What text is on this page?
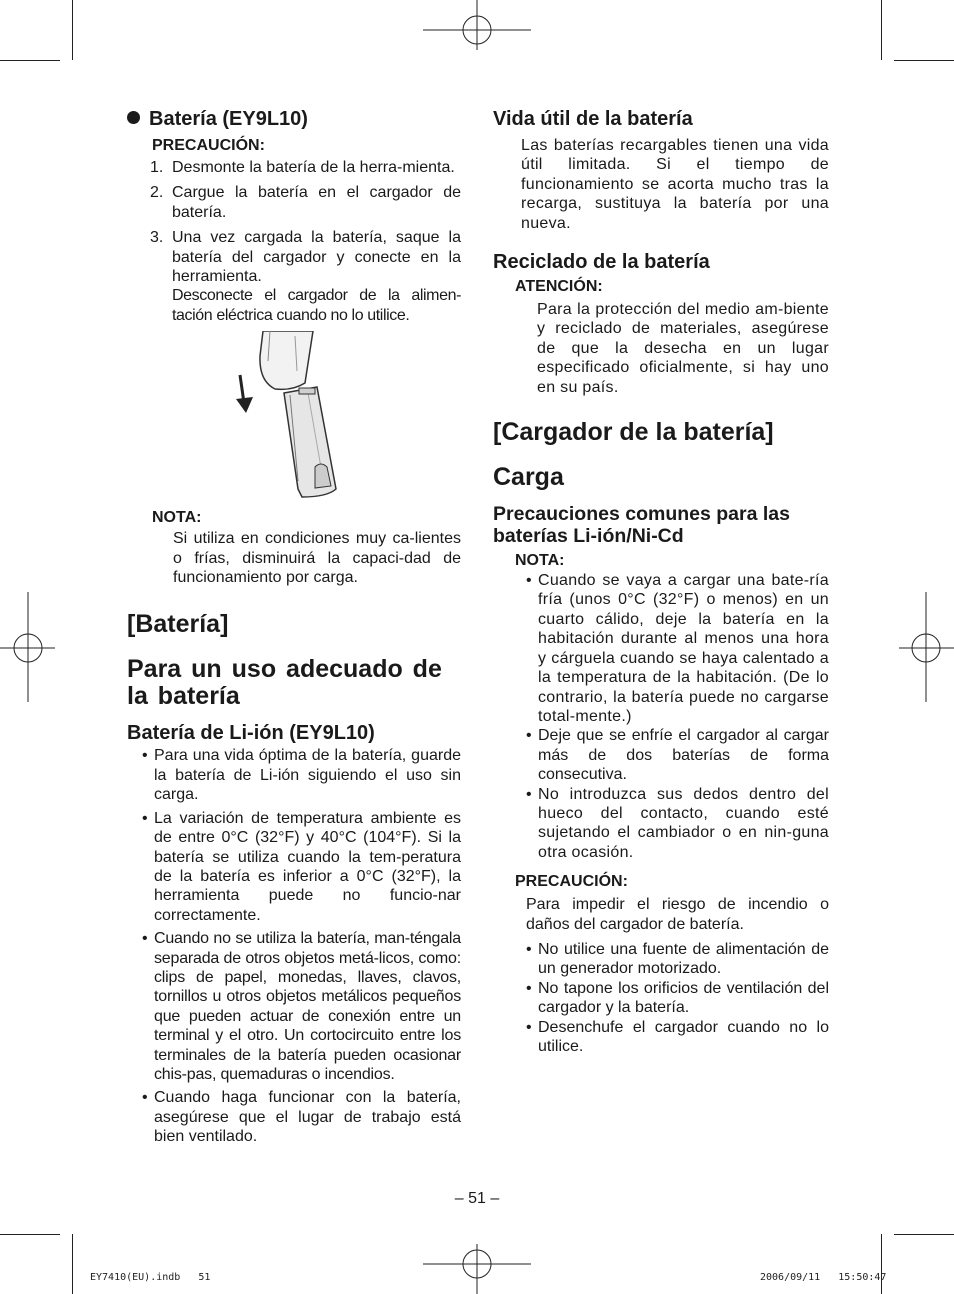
Batería (EY9L10)
PRECAUCIÓN:
1. Desmonte la batería de la herra-mienta.
2. Cargue la batería en el cargador de batería.
3. Una vez cargada la batería, saque la batería del cargador y conecte en la herramienta.
Desconecte el cargador de la alimen-tación eléctrica cuando no lo utilice.
NOTA:

Si utiliza en condiciones muy ca-lientes o frías, disminuirá la capaci-dad de funcionamiento por carga.

[Batería]
Para un uso adecuado de la batería
Batería de Li-ión (EY9L10)
• Para una vida óptima de la batería, guarde la batería de Li-ión siguiendo el uso sin carga.
• La variación de temperatura ambiente es de entre 0°C (32°F) y 40°C (104°F). Si la batería se utiliza cuando la tem-peratura de la batería es inferior a 0°C (32°F), la herramienta puede no funcio-nar correctamente.
• Cuando no se utiliza la batería, man-téngala separada de otros objetos metá-licos, como: clips de papel, monedas, llaves, clavos, tornillos u otros objetos metálicos pequeños que pueden actuar de conexión entre un terminal y el otro. Un cortocircuito entre los terminales de la batería pueden ocasionar chis-pas, quemaduras o incendios.
• Cuando haga funcionar con la batería, asegúrese que el lugar de trabajo está bien ventilado.
Vida útil de la batería

Las baterías recargables tienen una vida útil limitada. Si el tiempo de funcionamiento se acorta mucho tras la recarga, sustituya la batería por una nueva.

Reciclado de la batería
ATENCIÓN:

Para la protección del medio am-biente y reciclado de materiales, asegúrese de que la desecha en un lugar especificado oficialmente, si hay uno en su país.

[Cargador de la batería]
Carga
Precauciones comunes para las baterías Li-ión/Ni-Cd
NOTA:
• Cuando se vaya a cargar una bate-ría fría (unos 0°C (32°F) o menos) en un cuarto cálido, deje la batería en la habitación durante al menos una hora y cárguela cuando se haya calentado a la temperatura de la habitación. (De lo contrario, la batería puede no cargarse total-mente.)
• Deje que se enfríe el cargador al cargar más de dos baterías de forma consecutiva.
• No introduzca sus dedos dentro del hueco del contacto, cuando esté sujetando el cambiador o en nin-guna otra ocasión.
PRECAUCIÓN:

Para impedir el riesgo de incendio o daños del cargador de batería.

• No utilice una fuente de alimentación de un generador motorizado.
• No tapone los orificios de ventilación del cargador y la batería.
• Desenchufe el cargador cuando no lo utilice.
– 51 –
EY7410(EU).indb   51	2006/09/11   15:50:47
